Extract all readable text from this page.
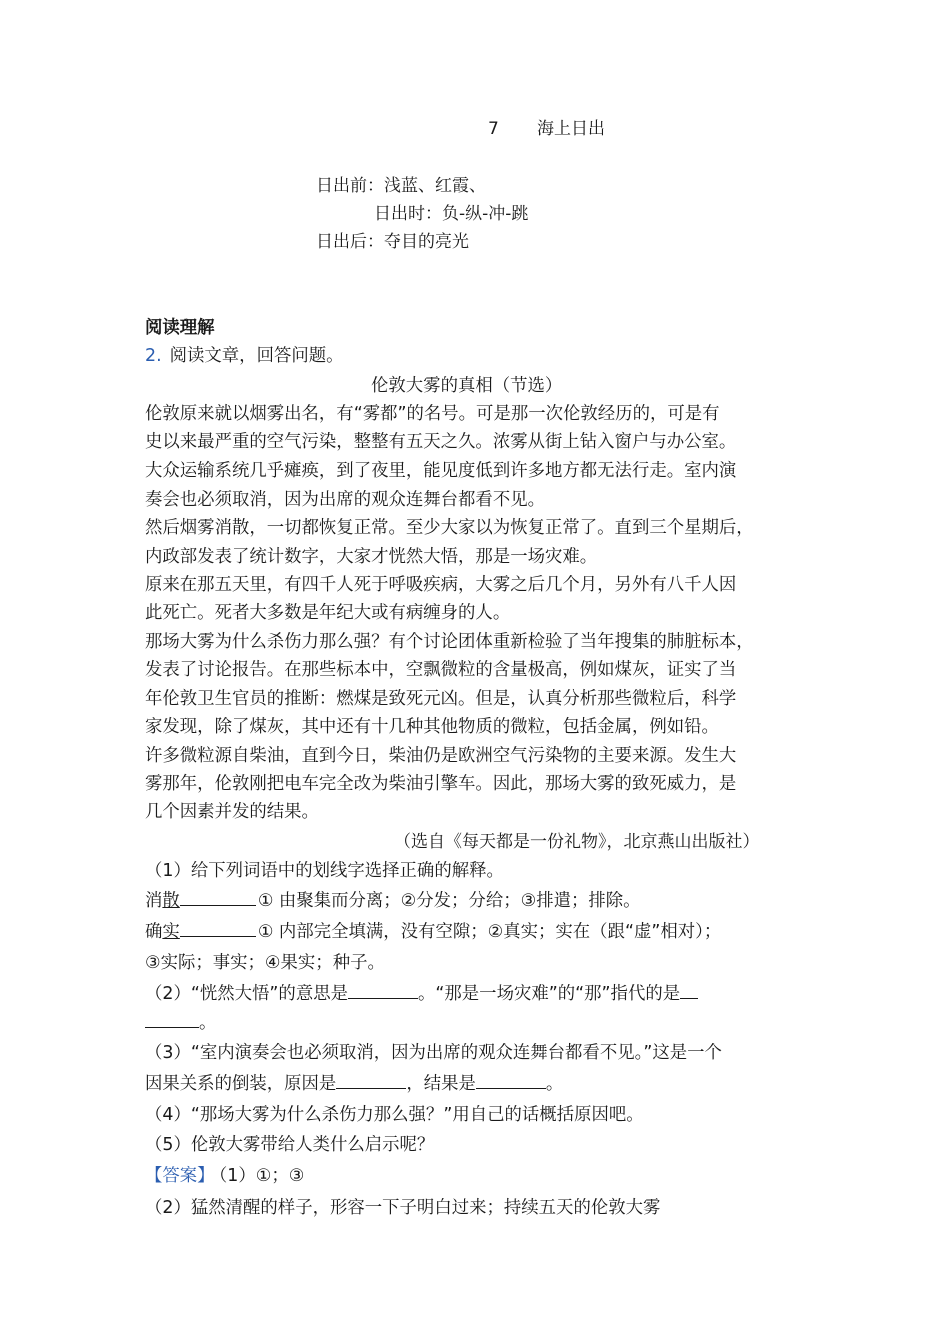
7 海上日出
日出前：浅蓝、红霞、
日出时：负-纵-冲-跳
日出后：夺目的亮光
阅读理解
2. 阅读文章，回答问题。
伦敦大雾的真相（节选）
伦敦原来就以烟雾出名，有“雾都”的名号。可是那一次伦敦经历的，可是有
史以来最严重的空气污染，整整有五天之久。浓雾从街上钻入窗户与办公室。
大众运输系统几乎瘫痪，到了夜里，能见度低到许多地方都无法行走。室内演
奏会也必须取消，因为出席的观众连舞台都看不见。
然后烟雾消散，一切都恢复正常。至少大家以为恢复正常了。直到三个星期后，
内政部发表了统计数字，大家才恍然大悟，那是一场灾难。
原来在那五天里，有四千人死于呼吸疾病，大雾之后几个月，另外有八千人因
此死亡。死者大多数是年纪大或有病缠身的人。
那场大雾为什么杀伤力那么强？有个讨论团体重新检验了当年搜集的肺脏标本，
发表了讨论报告。在那些标本中，空飘微粒的含量极高，例如煤灰，证实了当
年伦敦卫生官员的推断：燃煤是致死元凶。但是，认真分析那些微粒后，科学
家发现，除了煤灰，其中还有十几种其他物质的微粒，包括金属，例如铅。
许多微粒源自柴油，直到今日，柴油仍是欧洲空气污染物的主要来源。发生大
雾那年，伦敦刚把电车完全改为柴油引擎车。因此，那场大雾的致死威力，是
几个因素并发的结果。
（选自《每天都是一份礼物》，北京燕山出版社）
（1）给下列词语中的划线字选择正确的解释。
消散	① 由聚集而分离；②分发；分给；③排遣；排除。
确实	① 内部完全填满，没有空隙；②真实；实在（跟“虚”相对）；
③实际；事实；④果实；种子。
（2）“恍然大悟”的意思是	。“那是一场灾难”的“那”指代的是
。
（3）“室内演奏会也必须取消，因为出席的观众连舞台都看不见。”这是一个
因果关系的倒装，原因是	，结果是	。
（4）“那场大雾为什么杀伤力那么强？”用自己的话概括原因吧。
（5）伦敦大雾带给人类什么启示呢？
【答案】 （1）①；③
（2）猛然清醒的样子，形容一下子明白过来；持续五天的伦敦大雾
